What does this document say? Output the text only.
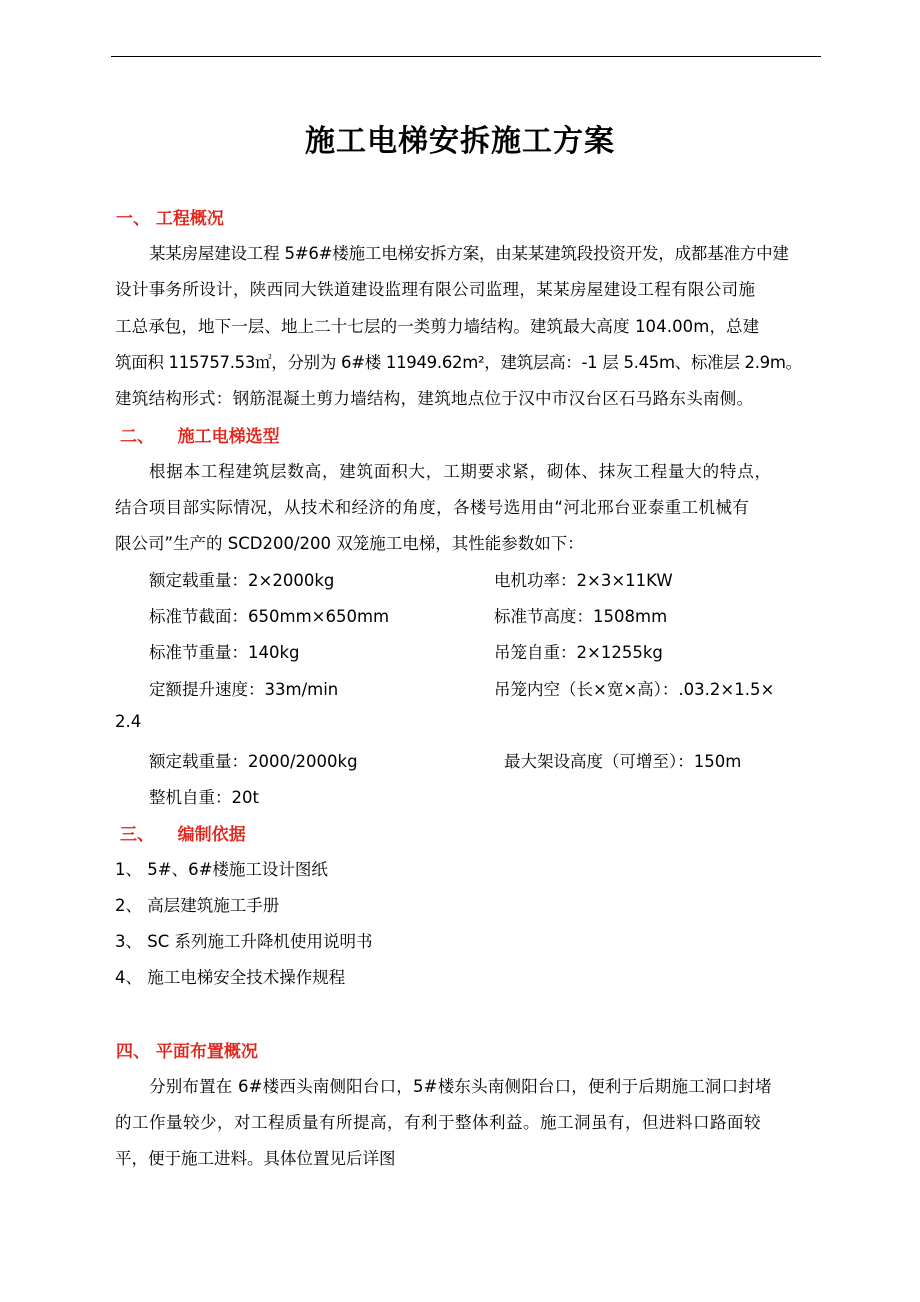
施工电梯安拆施工方案
一、 工程概况
某某房屋建设工程 5#6#楼施工电梯安拆方案，由某某建筑段投资开发，成都基准方中建
设计事务所设计，陕西同大铁道建设监理有限公司监理，某某房屋建设工程有限公司施
工总承包，地下一层、地上二十七层的一类剪力墙结构。建筑最大高度 104.00m，总建
筑面积 115757.53㎡，分别为 6#楼 11949.62m²，建筑层高：-1 层 5.45m、标准层 2.9m。
建筑结构形式：钢筋混凝土剪力墙结构，建筑地点位于汉中市汉台区石马路东头南侧。
二、    施工电梯选型
根据本工程建筑层数高，建筑面积大，工期要求紧，砌体、抹灰工程量大的特点，
结合项目部实际情况，从技术和经济的角度，各楼号选用由“河北邢台亚泰重工机械有
限公司”生产的 SCD200/200 双笼施工电梯，其性能参数如下：
额定载重量：2×2000kg	电机功率：2×3×11KW
标准节截面：650mm×650mm	标准节高度：1508mm
标准节重量：140kg	吊笼自重：2×1255kg
定额提升速度：33m/min	吊笼内空（长×宽×高）：.03.2×1.5×
2.4
额定载重量：2000/2000kg	最大架设高度（可增至）：150m
整机自重：20t
三、    编制依据
1、 5#、6#楼施工设计图纸
2、 高层建筑施工手册
3、 SC 系列施工升降机使用说明书
4、 施工电梯安全技术操作规程
四、 平面布置概况
分别布置在 6#楼西头南侧阳台口，5#楼东头南侧阳台口，便利于后期施工洞口封堵
的工作量较少，对工程质量有所提高，有利于整体利益。施工洞虽有，但进料口路面较
平，便于施工进料。具体位置见后详图
